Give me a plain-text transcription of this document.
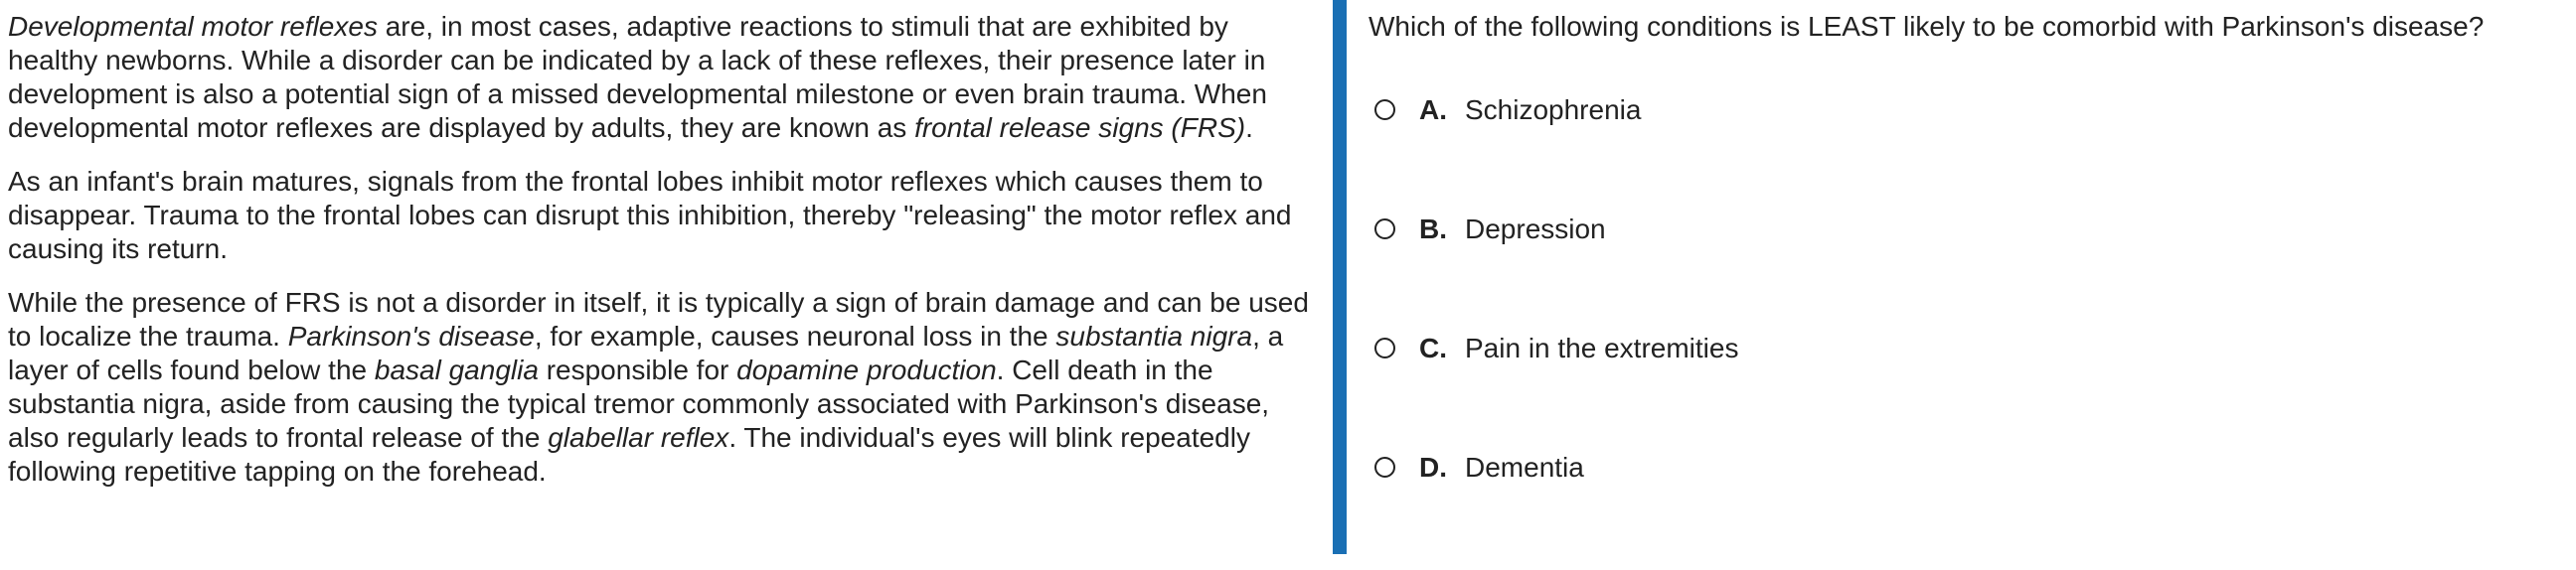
Developmental motor reflexes are, in most cases, adaptive reactions to stimuli that are exhibited by healthy newborns. While a disorder can be indicated by a lack of these reflexes, their presence later in development is also a potential sign of a missed developmental milestone or even brain trauma. When developmental motor reflexes are displayed by adults, they are known as frontal release signs (FRS).

As an infant's brain matures, signals from the frontal lobes inhibit motor reflexes which causes them to disappear. Trauma to the frontal lobes can disrupt this inhibition, thereby "releasing" the motor reflex and causing its return.

While the presence of FRS is not a disorder in itself, it is typically a sign of brain damage and can be used to localize the trauma. Parkinson's disease, for example, causes neuronal loss in the substantia nigra, a layer of cells found below the basal ganglia responsible for dopamine production. Cell death in the substantia nigra, aside from causing the typical tremor commonly associated with Parkinson's disease, also regularly leads to frontal release of the glabellar reflex. The individual's eyes will blink repeatedly following repetitive tapping on the forehead.

Which of the following conditions is LEAST likely to be comorbid with Parkinson's disease?

A. Schizophrenia
B. Depression
C. Pain in the extremities
D. Dementia
